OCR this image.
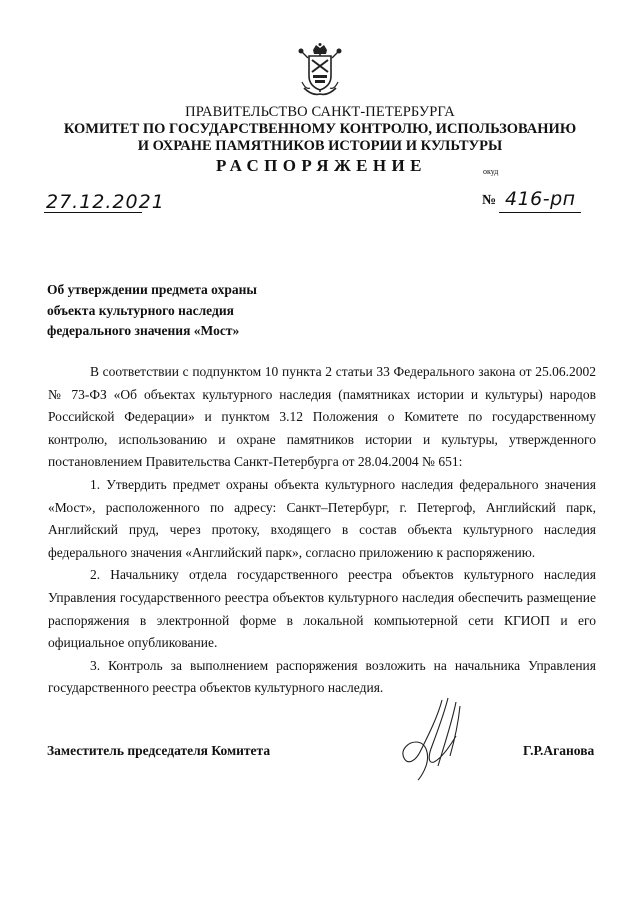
ПРАВИТЕЛЬСТВО САНКТ-ПЕТЕРБУРГА
КОМИТЕТ ПО ГОСУДАРСТВЕННОМУ КОНТРОЛЮ, ИСПОЛЬЗОВАНИЮ
И ОХРАНЕ ПАМЯТНИКОВ ИСТОРИИ И КУЛЬТУРЫ
РАСПОРЯЖЕНИЕ	окуд
27.12.2021	№ 416-рп
Об утверждении предмета охраны
объекта культурного наследия
федерального значения «Мост»

В соответствии с подпунктом 10 пункта 2 статьи 33 Федерального закона от 25.06.2002 № 73-ФЗ «Об объектах культурного наследия (памятниках истории и культуры) народов Российской Федерации» и пунктом 3.12 Положения о Комитете по государственному контролю, использованию и охране памятников истории и культуры, утвержденного постановлением Правительства Санкт-Петербурга от 28.04.2004 № 651:

1. Утвердить предмет охраны объекта культурного наследия федерального значения «Мост», расположенного по адресу: Санкт–Петербург, г. Петергоф, Английский парк, Английский пруд, через протоку, входящего в состав объекта культурного наследия федерального значения «Английский парк», согласно приложению к распоряжению.

2. Начальнику отдела государственного реестра объектов культурного наследия Управления государственного реестра объектов культурного наследия обеспечить размещение распоряжения в электронной форме в локальной компьютерной сети КГИОП и его официальное опубликование.

3. Контроль за выполнением распоряжения возложить на начальника Управления государственного реестра объектов культурного наследия.

Заместитель председателя Комитета	Г.Р.Аганова
